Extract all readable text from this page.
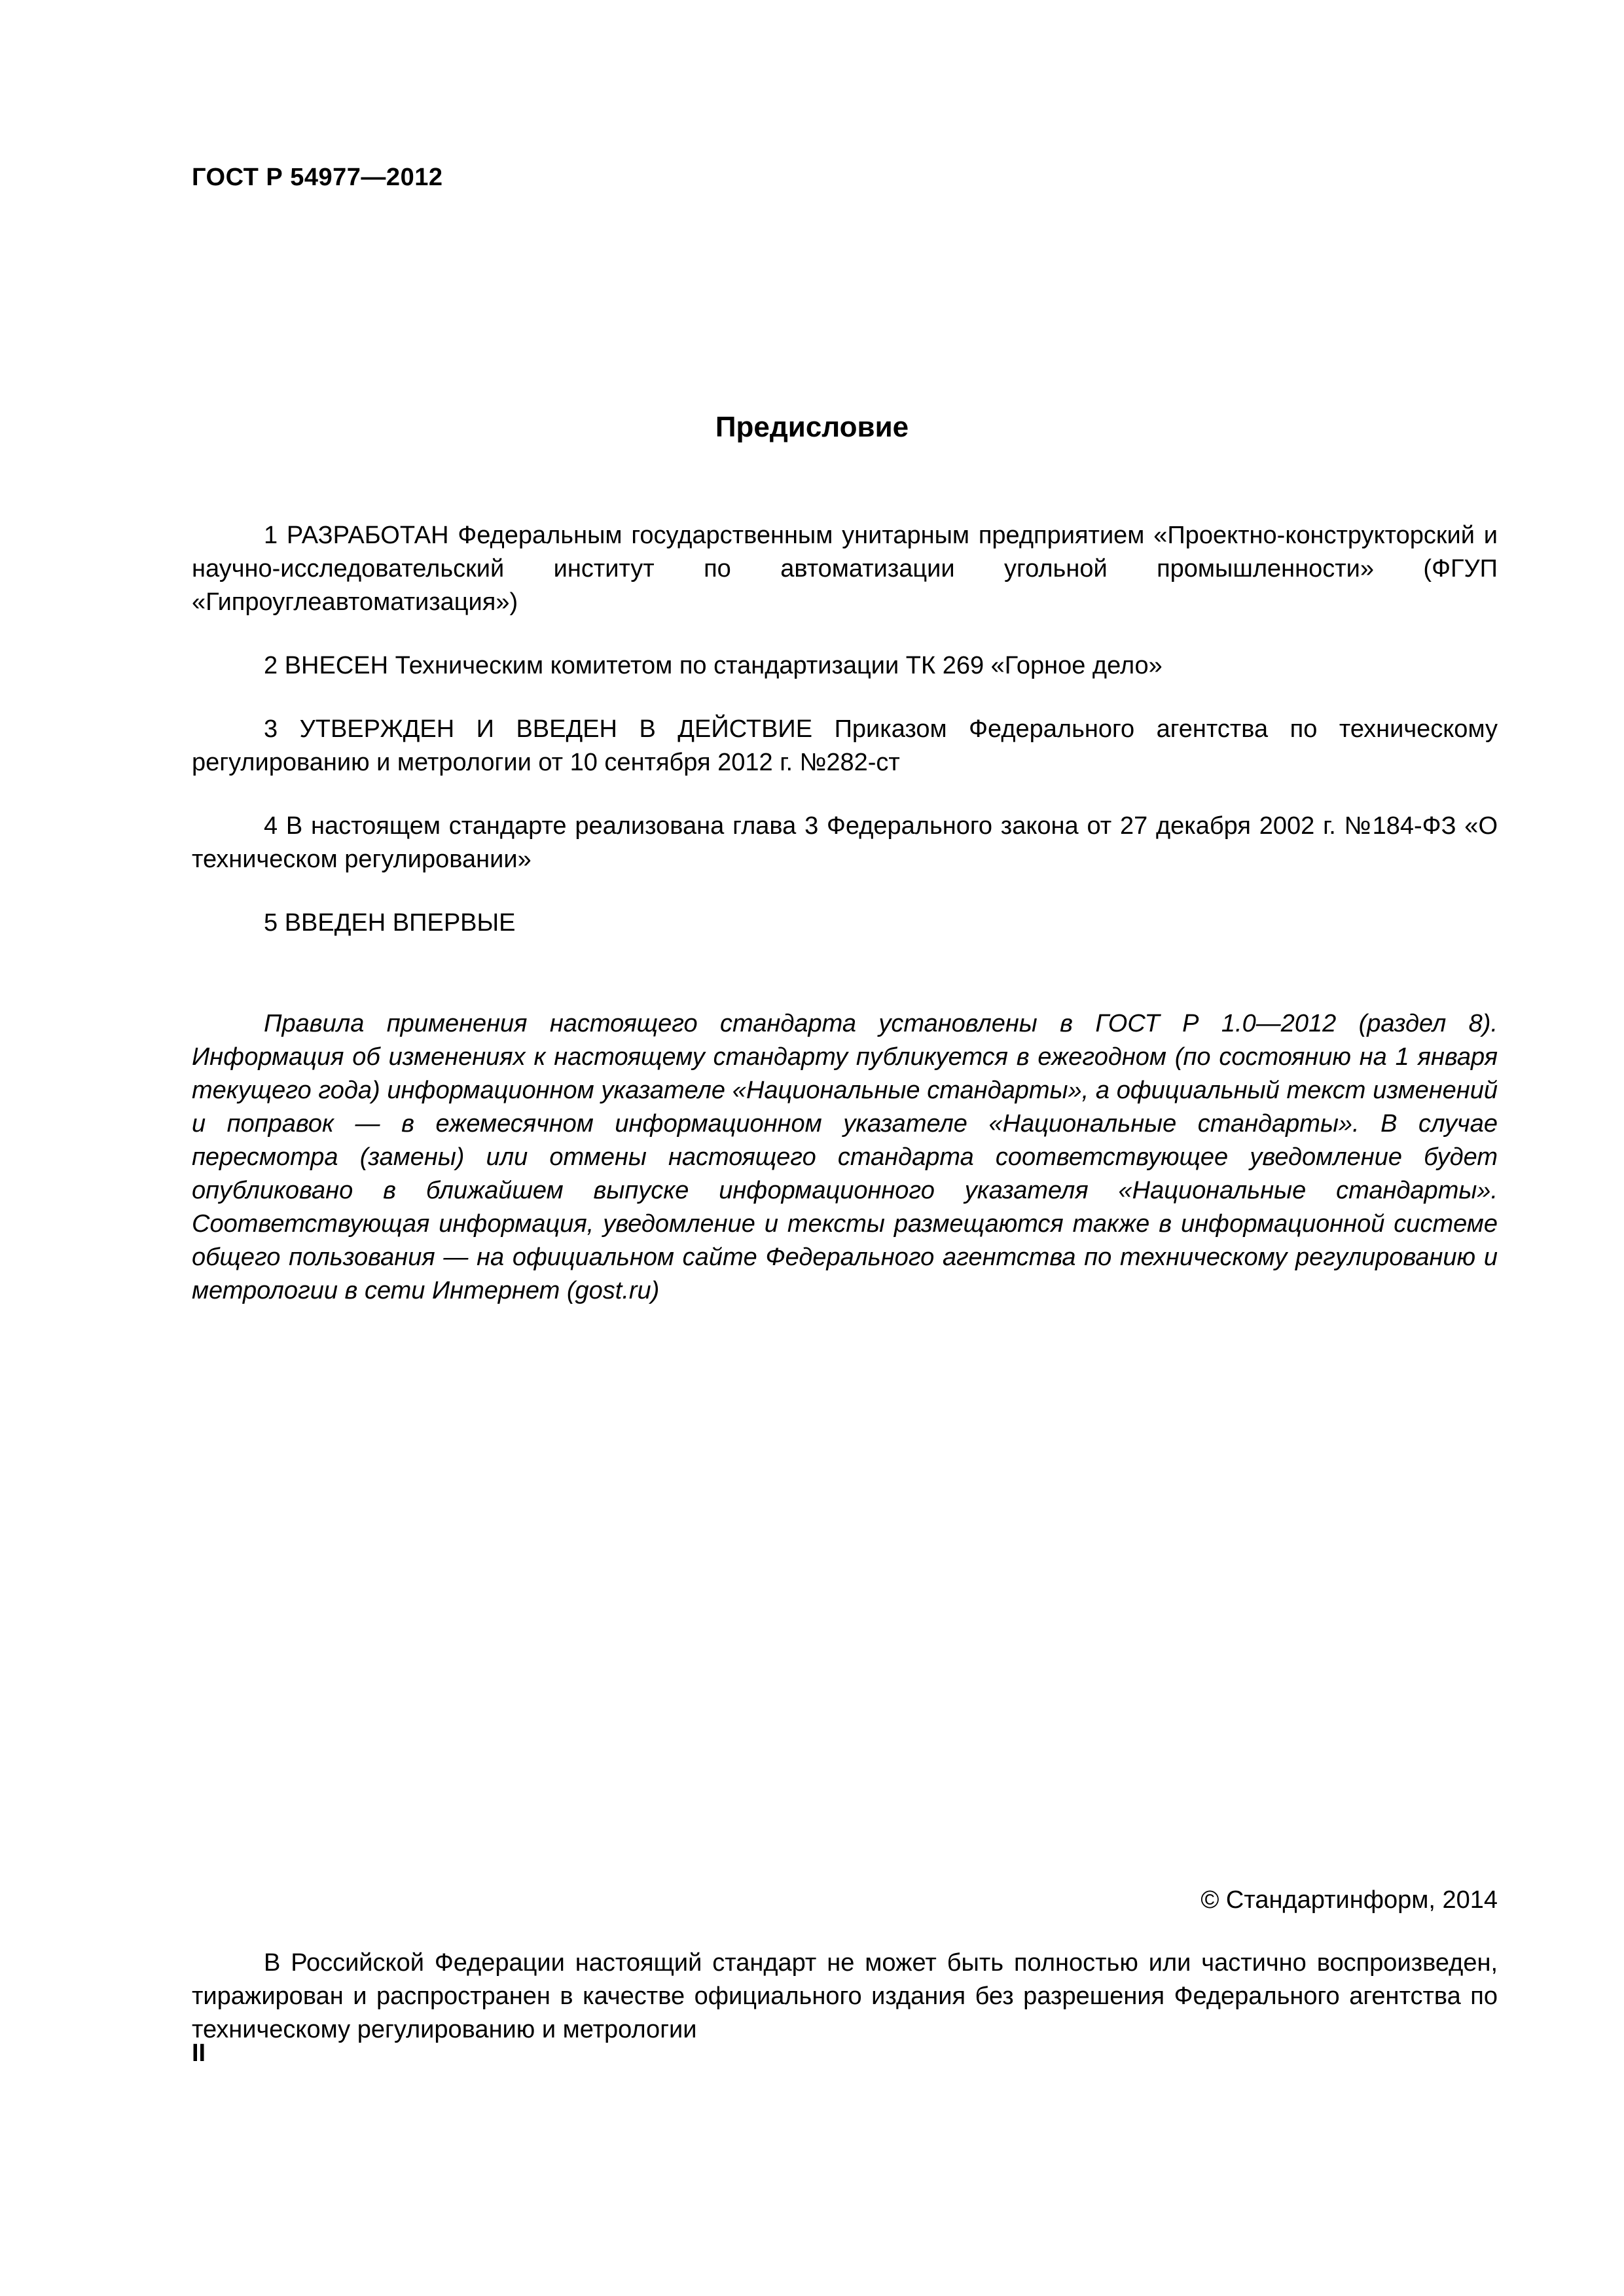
ГОСТ Р 54977—2012
Предисловие

1 РАЗРАБОТАН Федеральным государственным унитарным предприятием «Проектно-конструкторский и научно-исследовательский институт по автоматизации угольной промышленности» (ФГУП «Гипроуглеавтоматизация»)

2 ВНЕСЕН Техническим комитетом по стандартизации ТК 269 «Горное дело»

3 УТВЕРЖДЕН И ВВЕДЕН В ДЕЙСТВИЕ Приказом Федерального агентства по техническому регулированию и метрологии от 10 сентября 2012 г. №282-ст

4 В настоящем стандарте реализована глава 3 Федерального закона от 27 декабря 2002 г. №184-ФЗ «О техническом регулировании»

5 ВВЕДЕН ВПЕРВЫЕ

Правила применения настоящего стандарта установлены в ГОСТ Р 1.0—2012 (раздел 8). Информация об изменениях к настоящему стандарту публикуется в ежегодном (по состоянию на 1 января текущего года) информационном указателе «Национальные стандарты», а официальный текст изменений и поправок — в ежемесячном информационном указателе «Национальные стандарты». В случае пересмотра (замены) или отмены настоящего стандарта соответствующее уведомление будет опубликовано в ближайшем выпуске информационного указателя «Национальные стандарты». Соответствующая информация, уведомление и тексты размещаются также в информационной системе общего пользования — на официальном сайте Федерального агентства по техническому регулированию и метрологии в сети Интернет (gost.ru)

© Стандартинформ, 2014

В Российской Федерации настоящий стандарт не может быть полностью или частично воспроизведен, тиражирован и распространен в качестве официального издания без разрешения Федерального агентства по техническому регулированию и метрологии

II
